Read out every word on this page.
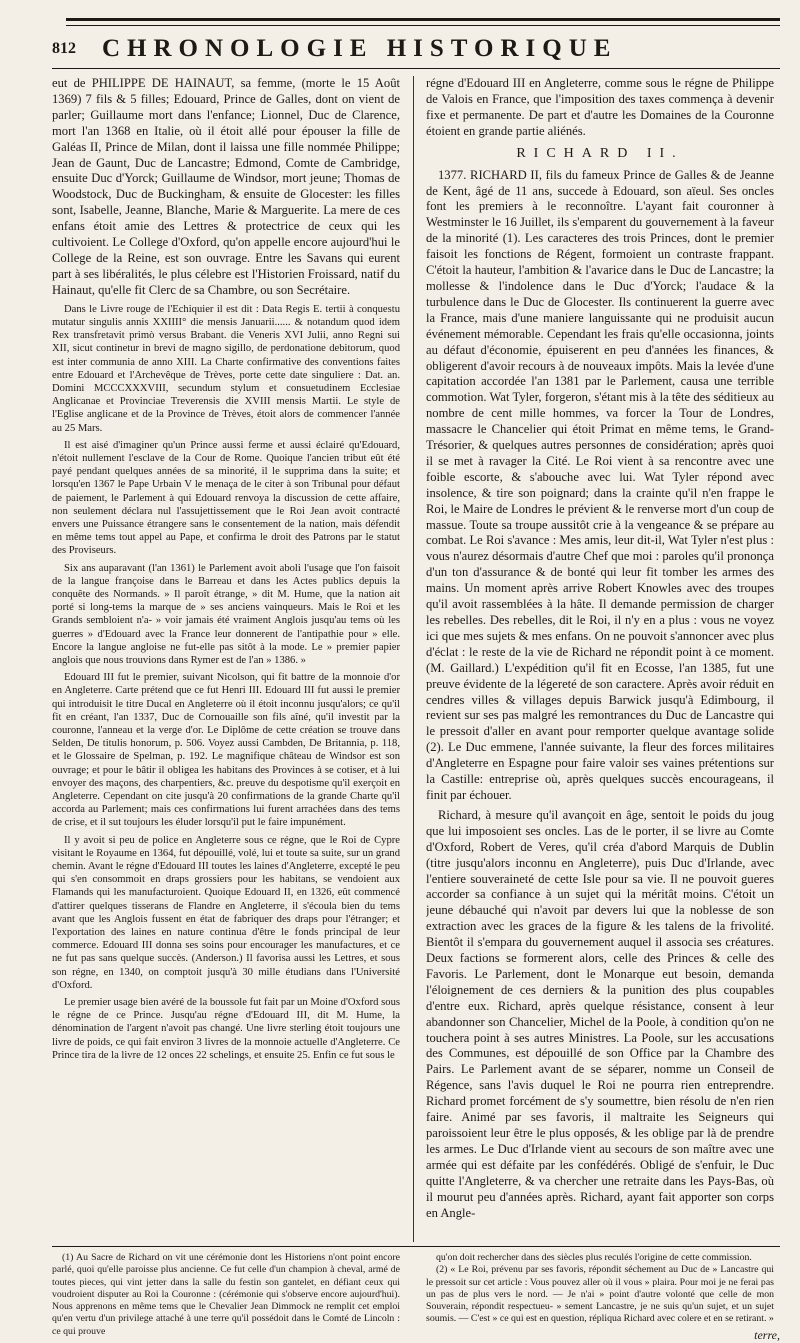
812	CHRONOLOGIE HISTORIQUE

eut de PHILIPPE DE HAINAUT, sa femme, (morte le 15 Août 1369) 7 fils & 5 filles; Edouard, Prince de Galles, dont on vient de parler; Guillaume mort dans l'enfance; Lionnel, Duc de Clarence, mort l'an 1368 en Italie, où il étoit allé pour épouser la fille de Galéas II, Prince de Milan, dont il laissa une fille nommée Philippe; Jean de Gaunt, Duc de Lancastre; Edmond, Comte de Cambridge, ensuite Duc d'Yorck; Guillaume de Windsor, mort jeune; Thomas de Woodstock, Duc de Buckingham, & ensuite de Glocester: les filles sont, Isabelle, Jeanne, Blanche, Marie & Marguerite. La mere de ces enfans étoit amie des Lettres & protectrice de ceux qui les cultivoient. Le College d'Oxford, qu'on appelle encore aujourd'hui le College de la Reine, est son ouvrage. Entre les Savans qui eurent part à ses libéralités, le plus célebre est l'Historien Froissard, natif du Hainaut, qu'elle fit Clerc de sa Chambre, ou son Secrétaire.

Dans le Livre rouge de l'Echiquier il est dit : Data Regis E. tertii à conquestu mutatur singulis annis XXIIII° die mensis Januarii...... & notandum quod idem Rex transfretavit primò versus Brabant. die Veneris XVI Julii, anno Regni sui XII, sicut continetur in brevi de magno sigillo, de perdonatione debitorum, quod est inter communia de anno XIII. La Charte confirmative des conventions faites entre Edouard et l'Archevêque de Trèves, porte cette date singuliere : Dat. an. Domini MCCCXXXVIII, secundum stylum et consuetudinem Ecclesiae Anglicanae et Provinciae Treverensis die XVIII mensis Martii. Le style de l'Eglise anglicane et de la Province de Trèves, étoit alors de commencer l'année au 25 Mars.

Il est aisé d'imaginer qu'un Prince aussi ferme et aussi éclairé qu'Edouard, n'étoit nullement l'esclave de la Cour de Rome. Quoique l'ancien tribut eût été payé pendant quelques années de sa minorité, il le supprima dans la suite; et lorsqu'en 1367 le Pape Urbain V le menaça de le citer à son Tribunal pour défaut de paiement, le Parlement à qui Edouard renvoya la discussion de cette affaire, non seulement déclara nul l'assujettissement que le Roi Jean avoit contracté envers une Puissance étrangere sans le consentement de la nation, mais défendit en même tems tout appel au Pape, et confirma le droit des Patrons par le statut des Proviseurs.

Six ans auparavant (l'an 1361) le Parlement avoit aboli l'usage que l'on faisoit de la langue françoise dans le Barreau et dans les Actes publics depuis la conquête des Normands. » Il paroît étrange, » dit M. Hume, que la nation ait porté si long-tems la marque de » ses anciens vainqueurs. Mais le Roi et les Grands sembloient n'a- » voir jamais été vraiment Anglois jusqu'au tems où les guerres » d'Edouard avec la France leur donnerent de l'antipathie pour » elle. Encore la langue angloise ne fut-elle pas sitôt à la mode. Le » premier papier anglois que nous trouvions dans Rymer est de l'an » 1386. »

Edouard III fut le premier, suivant Nicolson, qui fit battre de la monnoie d'or en Angleterre. Carte prétend que ce fut Henri III. Edouard III fut aussi le premier qui introduisit le titre Ducal en Angleterre où il étoit inconnu jusqu'alors; ce qu'il fit en créant, l'an 1337, Duc de Cornouaille son fils aîné, qu'il investit par la couronne, l'anneau et la verge d'or. Le Diplôme de cette création se trouve dans Selden, De titulis honorum, p. 506. Voyez aussi Cambden, De Britannia, p. 118, et le Glossaire de Spelman, p. 192. Le magnifique château de Windsor est son ouvrage; et pour le bâtir il obligea les habitans des Provinces à se cotiser, et à lui envoyer des maçons, des charpentiers, &c. preuve du despotisme qu'il exerçoit en Angleterre. Cependant on cite jusqu'à 20 confirmations de la grande Charte qu'il accorda au Parlement; mais ces confirmations lui furent arrachées dans des tems de crise, et il sut toujours les éluder lorsqu'il put le faire impunément.

Il y avoit si peu de police en Angleterre sous ce régne, que le Roi de Cypre visitant le Royaume en 1364, fut dépouillé, volé, lui et toute sa suite, sur un grand chemin. Avant le régne d'Edouard III toutes les laines d'Angleterre, excepté le peu qui s'en consommoit en draps grossiers pour les habitans, se vendoient aux Flamands qui les manufacturoient. Quoique Edouard II, en 1326, eût commencé d'attirer quelques tisserans de Flandre en Angleterre, il s'écoula bien du tems avant que les Anglois fussent en état de fabriquer des draps pour l'étranger; et l'exportation des laines en nature continua d'être le fonds principal de leur commerce. Edouard III donna ses soins pour encourager les manufactures, et ce ne fut pas sans quelque succès. (Anderson.) Il favorisa aussi les Lettres, et sous son régne, en 1340, on comptoit jusqu'à 30 mille étudians dans l'Université d'Oxford.

Le premier usage bien avéré de la boussole fut fait par un Moine d'Oxford sous le régne de ce Prince. Jusqu'au régne d'Edouard III, dit M. Hume, la dénomination de l'argent n'avoit pas changé. Une livre sterling étoit toujours une livre de poids, ce qui fait environ 3 livres de la monnoie actuelle d'Angleterre. Ce Prince tira de la livre de 12 onces 22 schelings, et ensuite 25. Enfin ce fut sous le

régne d'Edouard III en Angleterre, comme sous le régne de Philippe de Valois en France, que l'imposition des taxes commença à devenir fixe et permanente. De part et d'autre les Domaines de la Couronne étoient en grande partie aliénés.

RICHARD II.

1377. RICHARD II, fils du fameux Prince de Galles & de Jeanne de Kent, âgé de 11 ans, succede à Edouard, son aïeul. Ses oncles font les premiers à le reconnoître. L'ayant fait couronner à Westminster le 16 Juillet, ils s'emparent du gouvernement à la faveur de la minorité (1). Les caracteres des trois Princes, dont le premier faisoit les fonctions de Régent, formoient un contraste frappant. C'étoit la hauteur, l'ambition & l'avarice dans le Duc de Lancastre; la mollesse & l'indolence dans le Duc d'Yorck; l'audace & la turbulence dans le Duc de Glocester. Ils continuerent la guerre avec la France, mais d'une maniere languissante qui ne produisit aucun événement mémorable. Cependant les frais qu'elle occasionna, joints au défaut d'économie, épuiserent en peu d'années les finances, & obligerent d'avoir recours à de nouveaux impôts. Mais la levée d'une capitation accordée l'an 1381 par le Parlement, causa une terrible commotion. Wat Tyler, forgeron, s'étant mis à la tête des séditieux au nombre de cent mille hommes, va forcer la Tour de Londres, massacre le Chancelier qui étoit Primat en même tems, le Grand-Trésorier, & quelques autres personnes de considération; après quoi il se met à ravager la Cité. Le Roi vient à sa rencontre avec une foible escorte, & s'abouche avec lui. Wat Tyler répond avec insolence, & tire son poignard; dans la crainte qu'il n'en frappe le Roi, le Maire de Londres le prévient & le renverse mort d'un coup de massue. Toute sa troupe aussitôt crie à la vengeance & se prépare au combat. Le Roi s'avance : Mes amis, leur dit-il, Wat Tyler n'est plus : vous n'aurez désormais d'autre Chef que moi : paroles qu'il prononça d'un ton d'assurance & de bonté qui leur fit tomber les armes des mains. Un moment après arrive Robert Knowles avec des troupes qu'il avoit rassemblées à la hâte. Il demande permission de charger les rebelles. Des rebelles, dit le Roi, il n'y en a plus : vous ne voyez ici que mes sujets & mes enfans. On ne pouvoit s'annoncer avec plus d'éclat : le reste de la vie de Richard ne répondit point à ce moment. (M. Gaillard.) L'expédition qu'il fit en Ecosse, l'an 1385, fut une preuve évidente de la légereté de son caractere. Après avoir réduit en cendres villes & villages depuis Barwick jusqu'à Edimbourg, il revient sur ses pas malgré les remontrances du Duc de Lancastre qui le pressoit d'aller en avant pour remporter quelque avantage solide (2). Le Duc emmene, l'année suivante, la fleur des forces militaires d'Angleterre en Espagne pour faire valoir ses vaines prétentions sur la Castille: entreprise où, après quelques succès encourageans, il finit par échouer.

Richard, à mesure qu'il avançoit en âge, sentoit le poids du joug que lui imposoient ses oncles. Las de le porter, il se livre au Comte d'Oxford, Robert de Veres, qu'il créa d'abord Marquis de Dublin (titre jusqu'alors inconnu en Angleterre), puis Duc d'Irlande, avec l'entiere souveraineté de cette Isle pour sa vie. Il ne pouvoit gueres accorder sa confiance à un sujet qui la méritât moins. C'étoit un jeune débauché qui n'avoit par devers lui que la noblesse de son extraction avec les graces de la figure & les talens de la frivolité. Bientôt il s'empara du gouvernement auquel il associa ses créatures. Deux factions se formerent alors, celle des Princes & celle des Favoris. Le Parlement, dont le Monarque eut besoin, demanda l'éloignement de ces derniers & la punition des plus coupables d'entre eux. Richard, après quelque résistance, consent à leur abandonner son Chancelier, Michel de la Poole, à condition qu'on ne touchera point à ses autres Ministres. La Poole, sur les accusations des Communes, est dépouillé de son Office par la Chambre des Pairs. Le Parlement avant de se séparer, nomme un Conseil de Régence, sans l'avis duquel le Roi ne pourra rien entreprendre. Richard promet forcément de s'y soumettre, bien résolu de n'en rien faire. Animé par ses favoris, il maltraite les Seigneurs qui paroissoient leur être le plus opposés, & les oblige par là de prendre les armes. Le Duc d'Irlande vient au secours de son maître avec une armée qui est défaite par les confédérés. Obligé de s'enfuir, le Duc quitte l'Angleterre, & va chercher une retraite dans les Pays-Bas, où il mourut peu d'années après. Richard, ayant fait apporter son corps en Angle-

(1) Au Sacre de Richard on vit une cérémonie dont les Historiens n'ont point encore parlé, quoi qu'elle paroisse plus ancienne. Ce fut celle d'un champion à cheval, armé de toutes pieces, qui vint jetter dans la salle du festin son gantelet, en défiant ceux qui voudroient disputer au Roi la Couronne : (cérémonie qui s'observe encore aujourd'hui). Nous apprenons en même tems que le Chevalier Jean Dimmock ne remplit cet emploi qu'en vertu d'un privilege attaché à une terre qu'il possédoit dans le Comté de Lincoln : ce qui prouve

qu'on doit rechercher dans des siècles plus reculés l'origine de cette commission.

(2) « Le Roi, prévenu par ses favoris, répondit séchement au Duc de » Lancastre qui le pressoit sur cet article : Vous pouvez aller où il vous » plaira. Pour moi je ne ferai pas un pas de plus vers le nord. — Je n'ai » point d'autre volonté que celle de mon Souverain, répondit respectueu- » sement Lancastre, je ne suis qu'un sujet, et un sujet soumis. — C'est » ce qui est en question, répliqua Richard avec colere et en se retirant. »

terre,
